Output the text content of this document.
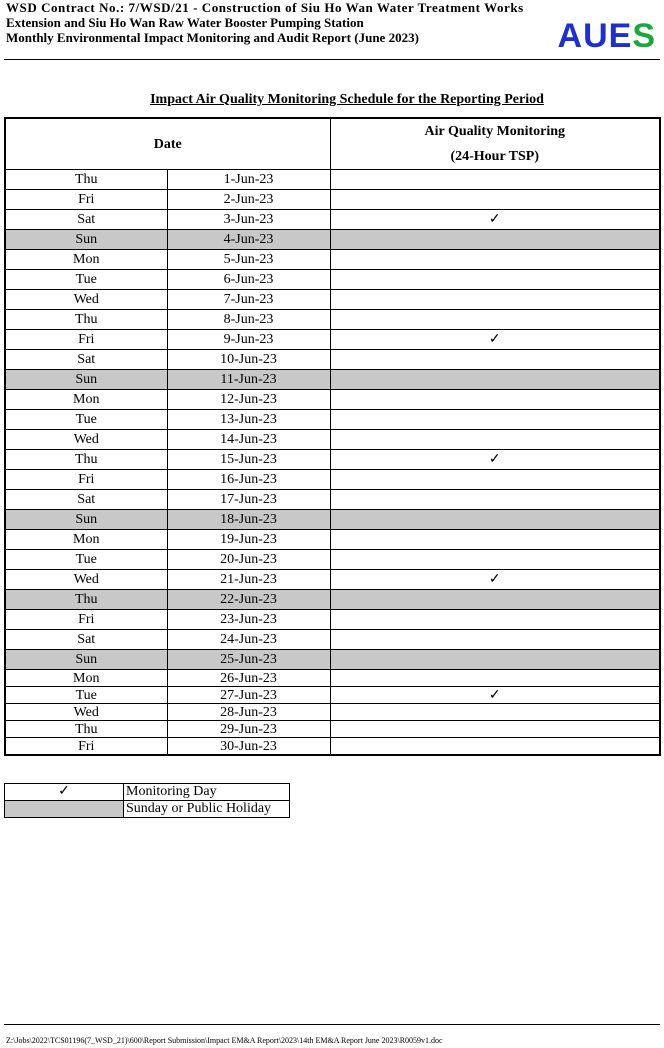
WSD Contract No.: 7/WSD/21 - Construction of Siu Ho Wan Water Treatment Works
Extension and Siu Ho Wan Raw Water Booster Pumping Station
Monthly Environmental Impact Monitoring and Audit Report (June 2023)	AUES
Impact Air Quality Monitoring Schedule for the Reporting Period
Date		Air Quality Monitoring
(24-Hour TSP)

Thu	1-Jun-23	
Fri	2-Jun-23	
Sat	3-Jun-23	✓
Sun	4-Jun-23	
Mon	5-Jun-23	
Tue	6-Jun-23	
Wed	7-Jun-23	
Thu	8-Jun-23	
Fri	9-Jun-23	✓
Sat	10-Jun-23	
Sun	11-Jun-23	
Mon	12-Jun-23	
Tue	13-Jun-23	
Wed	14-Jun-23	
Thu	15-Jun-23	✓
Fri	16-Jun-23	
Sat	17-Jun-23	
Sun	18-Jun-23	
Mon	19-Jun-23	
Tue	20-Jun-23	
Wed	21-Jun-23	✓
Thu	22-Jun-23	
Fri	23-Jun-23	
Sat	24-Jun-23	
Sun	25-Jun-23	
Mon	26-Jun-23	
Tue	27-Jun-23	✓
Wed	28-Jun-23	
Thu	29-Jun-23	
Fri	30-Jun-23	
✓	Monitoring Day
	Sunday or Public Holiday
Z:\Jobs\2022\TCS01196(7_WSD_21)\600\Report Submission\Impact EM&A Report\2023\14th EM&A Report June 2023\R0059v1.doc
